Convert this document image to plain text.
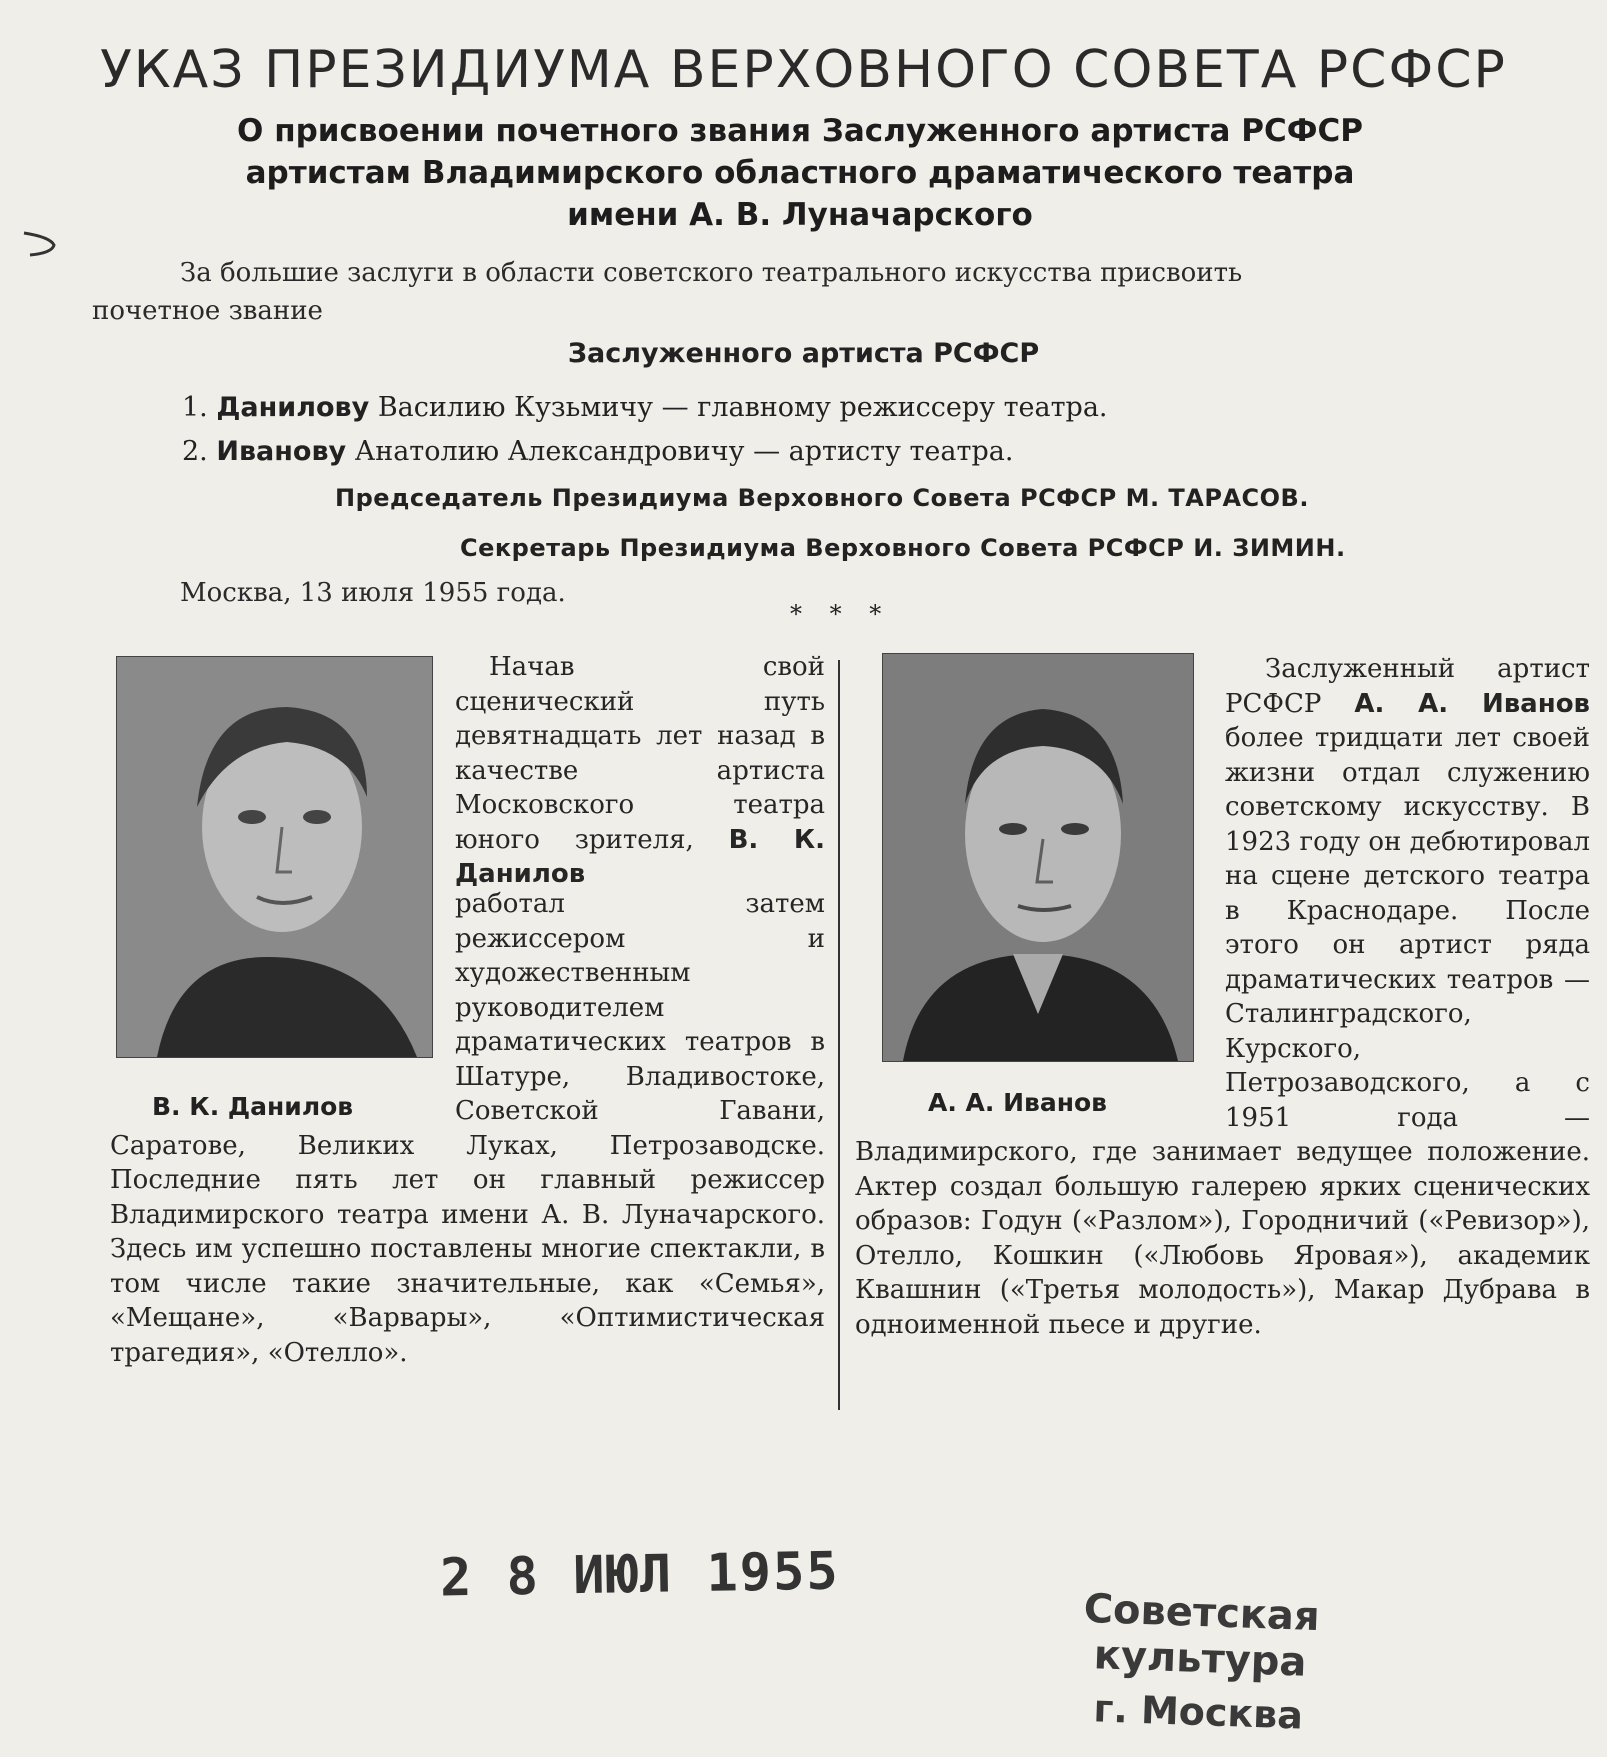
УКАЗ ПРЕЗИДИУМА ВЕРХОВНОГО СОВЕТА РСФСР
О присвоении почетного звания Заслуженного артиста РСФСР
артистам Владимирского областного драматического театра
имени А. В. Луначарского
За большие заслуги в области советского театрального искусства присвоить
почетное звание
Заслуженного артиста РСФСР
1. Данилову Василию Кузьмичу — главному режиссеру театра.
2. Иванову Анатолию Александровичу — артисту театра.
Председатель Президиума Верховного Совета РСФСР М. ТАРАСОВ.
Секретарь Президиума Верховного Совета РСФСР И. ЗИМИН.
Москва, 13 июля 1955 года.
* * *
В. К. Данилов
Начав свой сценический путь девятнадцать лет назад в качестве артиста Московского театра юного зрителя, В. К. Данилов
работал затем режиссером и художественным руководителем драматических театров в Шатуре, Владивостоке, Советской Гавани, Саратове, Великих Луках, Петрозаводске. Последние пять лет он главный режиссер Владимирского театра имени А. В. Луначарского. Здесь им успешно поставлены многие спектакли, в том числе такие значительные, как «Семья», «Мещане», «Варвары», «Оптимистическая трагедия», «Отелло».
А. А. Иванов
Заслуженный артист РСФСР А. А. Иванов более тридцати лет своей жизни отдал служению советскому искусству. В 1923 году он дебютировал на сцене детского театра в Краснодаре. После этого он артист ряда драматических театров — Сталинградского, Курского, Петрозаводского, а с 1951 года — Владимирского, где занимает ведущее положение. Актер создал большую галерею ярких сценических образов: Годун («Разлом»), Городничий («Ревизор»), Отелло, Кошкин («Любовь Яровая»), академик Квашнин («Третья молодость»), Макар Дубрава в одноименной пьесе и другие.
2 8 ИЮЛ 1955
Советская культура
г. Москва
